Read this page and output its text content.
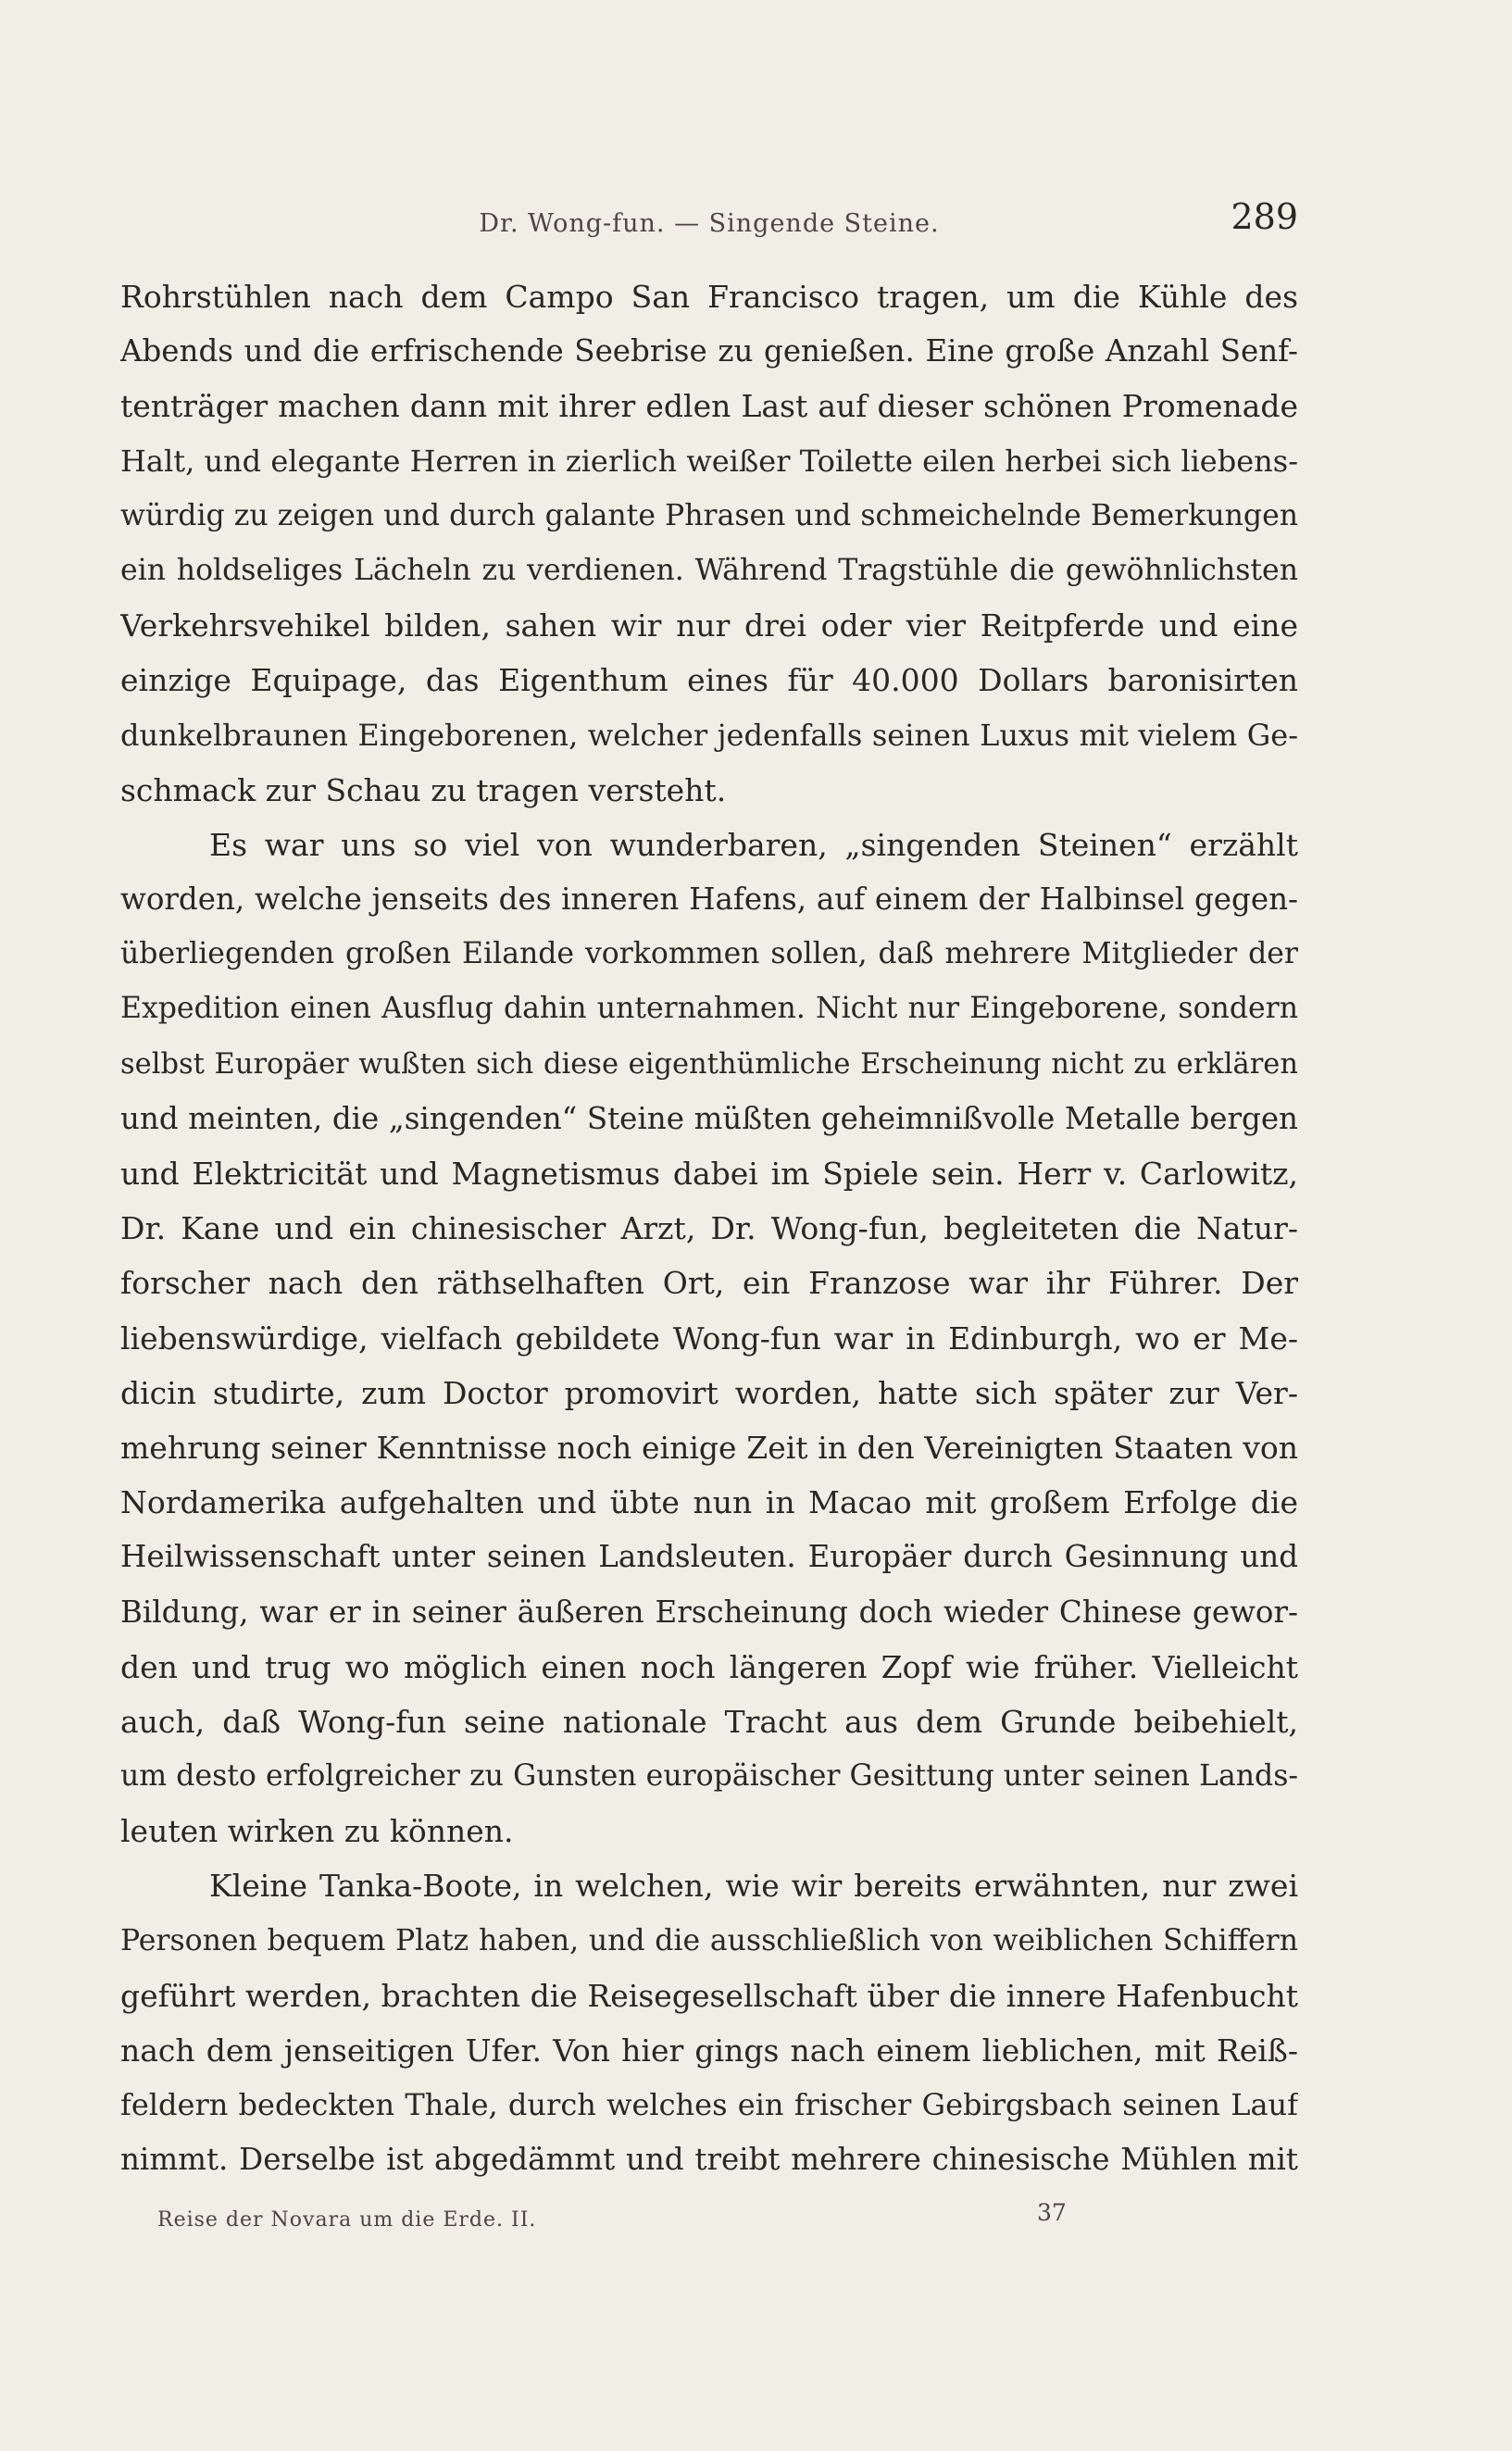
Dr. Wong-fun. — Singende Steine.	289
Rohrstühlen nach dem Campo San Francisco tragen, um die Kühle des
Abends und die erfrischende Seebrise zu genießen. Eine große Anzahl Senf-
tenträger machen dann mit ihrer edlen Last auf dieser schönen Promenade
Halt, und elegante Herren in zierlich weißer Toilette eilen herbei sich liebens-
würdig zu zeigen und durch galante Phrasen und schmeichelnde Bemerkungen
ein holdseliges Lächeln zu verdienen. Während Tragstühle die gewöhnlichsten
Verkehrsvehikel bilden, sahen wir nur drei oder vier Reitpferde und eine
einzige Equipage, das Eigenthum eines für 40.000 Dollars baronisirten
dunkelbraunen Eingeborenen, welcher jedenfalls seinen Luxus mit vielem Ge-
schmack zur Schau zu tragen versteht.
Es war uns so viel von wunderbaren, „singenden Steinen“ erzählt
worden, welche jenseits des inneren Hafens, auf einem der Halbinsel gegen-
überliegenden großen Eilande vorkommen sollen, daß mehrere Mitglieder der
Expedition einen Ausflug dahin unternahmen. Nicht nur Eingeborene, sondern
selbst Europäer wußten sich diese eigenthümliche Erscheinung nicht zu erklären
und meinten, die „singenden“ Steine müßten geheimnißvolle Metalle bergen
und Elektricität und Magnetismus dabei im Spiele sein. Herr v. Carlowitz,
Dr. Kane und ein chinesischer Arzt, Dr. Wong-fun, begleiteten die Natur-
forscher nach den räthselhaften Ort, ein Franzose war ihr Führer. Der
liebenswürdige, vielfach gebildete Wong-fun war in Edinburgh, wo er Me-
dicin studirte, zum Doctor promovirt worden, hatte sich später zur Ver-
mehrung seiner Kenntnisse noch einige Zeit in den Vereinigten Staaten von
Nordamerika aufgehalten und übte nun in Macao mit großem Erfolge die
Heilwissenschaft unter seinen Landsleuten. Europäer durch Gesinnung und
Bildung, war er in seiner äußeren Erscheinung doch wieder Chinese gewor-
den und trug wo möglich einen noch längeren Zopf wie früher. Vielleicht
auch, daß Wong-fun seine nationale Tracht aus dem Grunde beibehielt,
um desto erfolgreicher zu Gunsten europäischer Gesittung unter seinen Lands-
leuten wirken zu können.
Kleine Tanka-Boote, in welchen, wie wir bereits erwähnten, nur zwei
Personen bequem Platz haben, und die ausschließlich von weiblichen Schiffern
geführt werden, brachten die Reisegesellschaft über die innere Hafenbucht
nach dem jenseitigen Ufer. Von hier gings nach einem lieblichen, mit Reiß-
feldern bedeckten Thale, durch welches ein frischer Gebirgsbach seinen Lauf
nimmt. Derselbe ist abgedämmt und treibt mehrere chinesische Mühlen mit
Reise der Novara um die Erde. II.	37
